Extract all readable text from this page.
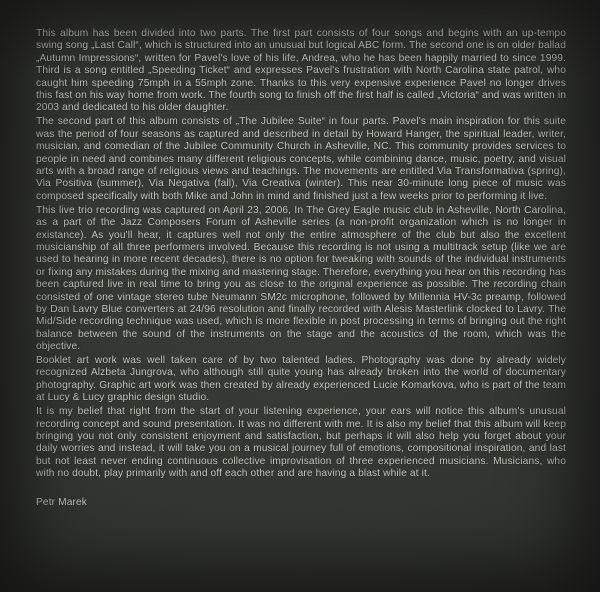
This album has been divided into two parts. The first part consists of four songs and begins with an up-tempo swing song „Last Call“, which is structured into an unusual but logical ABC form. The second one is on older ballad „Autumn Impressions“, written for Pavel's love of his life, Andrea, who he has been happily married to since 1999. Third is a song entitled „Speeding Ticket“ and expresses Pavel's frustration with North Carolina state patrol, who caught him speeding 75mph in a 55mph zone. Thanks to this very expensive experience Pavel no longer drives this fast on his way home from work. The fourth song to finish off the first half is called „Victoria“ and was written in 2003 and dedicated to his older daughter.

The second part of this album consists of „The Jubilee Suite“ in four parts. Pavel's main inspiration for this suite was the period of four seasons as captured and described in detail by Howard Hanger, the spiritual leader, writer, musician, and comedian of the Jubilee Community Church in Asheville, NC. This community provides services to people in need and combines many different religious concepts, while combining dance, music, poetry, and visual arts with a broad range of religious views and teachings. The movements are entitled Via Transformativa (spring), Via Positiva (summer), Via Negativa (fall), Via Creativa (winter). This near 30-minute long piece of music was composed specifically with both Mike and John in mind and finished just a few weeks prior to performing it live.

This live trio recording was captured on April 23, 2006, In The Grey Eagle music club in Asheville, North Carolina, as a part of the Jazz Composers Forum of Asheville series (a non-profit organization which is no longer in existance). As you'll hear, it captures well not only the entire atmosphere of the club but also the excellent musicianship of all three performers involved. Because this recording is not using a multitrack setup (like we are used to hearing in more recent decades), there is no option for tweaking with sounds of the individual instruments or fixing any mistakes during the mixing and mastering stage. Therefore, everything you hear on this recording has been captured live in real time to bring you as close to the original experience as possible. The recording chain consisted of one vintage stereo tube Neumann SM2c microphone, followed by Millennia HV-3c preamp, followed by Dan Lavry Blue converters at 24/96 resolution and finally recorded with Alesis Masterlink clocked to Lavry. The Mid/Side recording technique was used, which is more flexible in post processing in terms of bringing out the right balance between the sound of the instruments on the stage and the acoustics of the room, which was the objective.

Booklet art work was well taken care of by two talented ladies. Photography was done by already widely recognized Alzbeta Jungrova, who although still quite young has already broken into the world of documentary photography. Graphic art work was then created by already experienced Lucie Komarkova, who is part of the team at Lucy & Lucy graphic design studio.

It is my belief that right from the start of your listening experience, your ears will notice this album's unusual recording concept and sound presentation. It was no different with me. It is also my belief that this album will keep bringing you not only consistent enjoyment and satisfaction, but perhaps it will also help you forget about your daily worries and instead, it will take you on a musical journey full of emotions, compositional inspiration, and last but not least never ending continuous collective improvisation of three experienced musicians. Musicians, who with no doubt, play primarily with and off each other and are having a blast while at it.

Petr Marek
